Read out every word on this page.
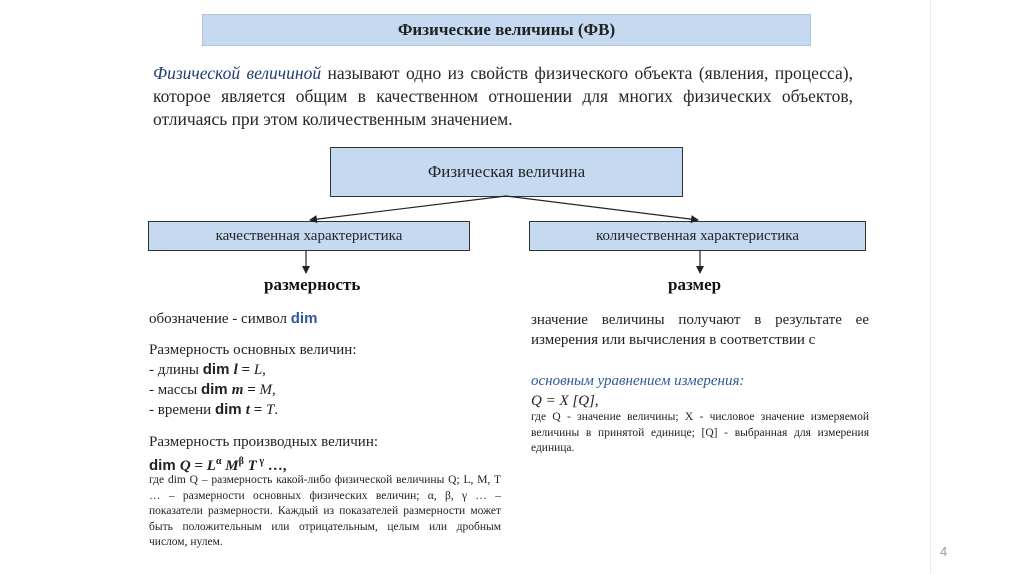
Физические величины (ФВ)
Физической величиной называют одно из свойств физического объекта (явления, процесса), которое является общим в качественном отношении для многих физических объектов, отличаясь при этом количественным значением.
Физическая величина
качественная характеристика	количественная характеристика
размерность	размер
обозначение - символ dim
Размерность основных величин:
- длины dim l = L,
- массы dim m = M,
- времени dim t = T.
Размерность производных величин:
dim $Q = L^\alpha$ $M^\beta$ T $^\gamma$ …,
где dim Q – размерность какой-либо физической величины Q; L, M, T … – размерности основных физических величин; α, β, γ … – показатели размерности. Каждый из показателей размерности может быть положительным или отрицательным, целым или дробным числом, нулем.
значение величины получают в результате ее измерения или вычисления в соответствии с
основным уравнением измерения:
Q = X [Q],
где Q - значение величины; X - числовое значение измеряемой величины в принятой единице; [Q] - выбранная для измерения единица.
4
